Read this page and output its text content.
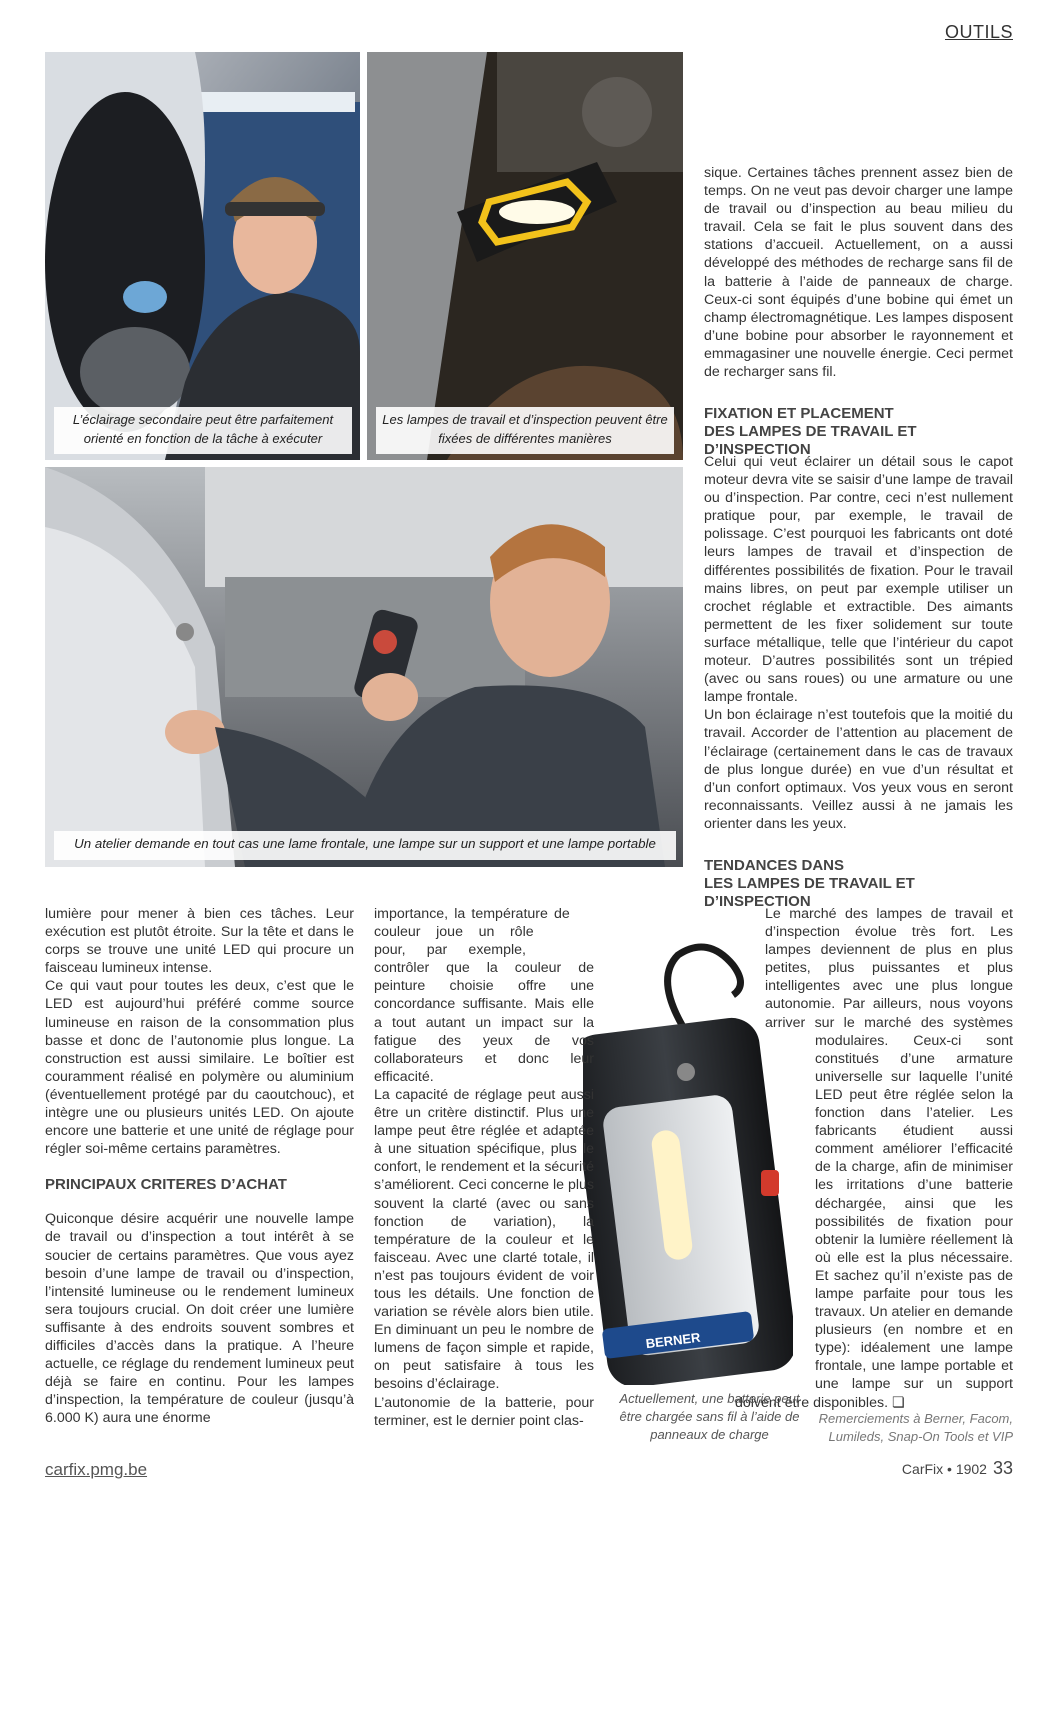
OUTILS
L’éclairage secondaire peut être parfaitement orienté en fonction de la tâche à exécuter
Les lampes de travail et d’inspection peuvent être fixées de différentes manières
Un atelier demande en tout cas une lame frontale, une lampe sur un support et une lampe portable

sique. Certaines tâches prennent assez bien de temps. On ne veut pas devoir charger une lampe de travail ou d’inspection au beau milieu du travail. Cela se fait le plus souvent dans des stations d’accueil. Actuellement, on a aussi développé des méthodes de recharge sans fil de la batterie à l’aide de panneaux de charge. Ceux-ci sont équipés d’une bobine qui émet un champ électromagnétique. Les lampes disposent d’une bobine pour absorber le rayonnement et emmagasiner une nouvelle énergie. Ceci permet de recharger sans fil.

FIXATION ET PLACEMENT
DES LAMPES DE TRAVAIL ET D’INSPECTION

Celui qui veut éclairer un détail sous le capot moteur devra vite se saisir d’une lampe de travail ou d’inspection. Par contre, ceci n’est nullement pratique pour, par exemple, le travail de polissage. C’est pourquoi les fabricants ont doté leurs lampes de travail et d’inspection de différentes possibilités de fixation. Pour le travail mains libres, on peut par exemple utiliser un crochet réglable et extractible. Des aimants permettent de les fixer solidement sur toute surface métallique, telle que l’intérieur du capot moteur. D’autres possibilités sont un trépied (avec ou sans roues) ou une armature ou une lampe frontale.

Un bon éclairage n’est toutefois que la moitié du travail. Accorder de l’attention au placement de l’éclairage (certainement dans le cas de travaux de plus longue durée) en vue d’un résultat et d’un confort optimaux. Vos yeux vous en seront reconnaissants. Veillez aussi à ne jamais les orienter dans les yeux.

TENDANCES DANS
LES LAMPES DE TRAVAIL ET D’INSPECTION

lumière pour mener à bien ces tâches. Leur exécution est plutôt étroite. Sur la tête et dans le corps se trouve une unité LED qui procure un faisceau lumineux intense.

Ce qui vaut pour toutes les deux, c’est que le LED est aujourd’hui préféré comme source lumineuse en raison de la consommation plus basse et donc de l’autonomie plus longue. La construction est aussi similaire. Le boîtier est couramment réalisé en polymère ou aluminium (éventuellement protégé par du caoutchouc), et intègre une ou plusieurs unités LED. On ajoute encore une batterie et une unité de réglage pour régler soi-même certains paramètres.

PRINCIPAUX CRITERES D’ACHAT

Quiconque désire acquérir une nouvelle lampe de travail ou d’inspection a tout intérêt à se soucier de certains paramètres. Que vous ayez besoin d’une lampe de travail ou d’inspection, l’intensité lumineuse ou le rendement lumineux sera toujours crucial. On doit créer une lumière suffisante à des endroits souvent sombres et difficiles d’accès dans la pratique. A l’heure actuelle, ce réglage du rendement lumineux peut déjà se faire en continu. Pour les lampes d’inspection, la température de couleur (jusqu’à 6.000 K) aura une énorme

BERNER

importance, la température de couleur joue un rôle pour, par exemple, contrôler que la couleur de peinture choisie offre une concordance suffisante. Mais elle a tout autant un impact sur la fatigue des yeux de vos collaborateurs et donc leur efficacité.

La capacité de réglage peut aussi être un critère distinctif. Plus une lampe peut être réglée et adaptée à une situation spécifique, plus le confort, le rendement et la sécurité s’améliorent. Ceci concerne le plus souvent la clarté (avec ou sans fonction de variation), la température de la couleur et le faisceau. Avec une clarté totale, il n’est pas toujours évident de voir tous les détails. Une fonction de variation se révèle alors bien utile. En diminuant un peu le nombre de lumens de façon simple et rapide, on peut satisfaire à tous les besoins d’éclairage.

L’autonomie de la batterie, pour terminer, est le dernier point clas-

Le marché des lampes de travail et d’inspection évolue très fort. Les lampes deviennent de plus en plus petites, plus puissantes et plus intelligentes avec une plus longue autonomie. Par ailleurs, nous voyons arriver sur le marché des systèmes modulaires. Ceux-ci sont constitués d’une armature universelle sur laquelle l’unité LED peut être réglée selon la fonction dans l’atelier. Les fabricants étudient aussi comment améliorer l’efficacité de la charge, afin de minimiser les irritations d’une batterie déchargée, ainsi que les possibilités de fixation pour obtenir la lumière réellement là où elle est la plus nécessaire. Et sachez qu’il n’existe pas de lampe parfaite pour tous les travaux. Un atelier en demande plusieurs (en nombre et en type): idéalement une lampe frontale, une lampe portable et une lampe sur un support doivent être disponibles. ❏

Actuellement, une batterie peut être chargée sans fil à l’aide de panneaux de charge
Remerciements à Berner, Facom, Lumileds, Snap-On Tools et VIP
carfix.pmg.be	CarFix • 1902 33
